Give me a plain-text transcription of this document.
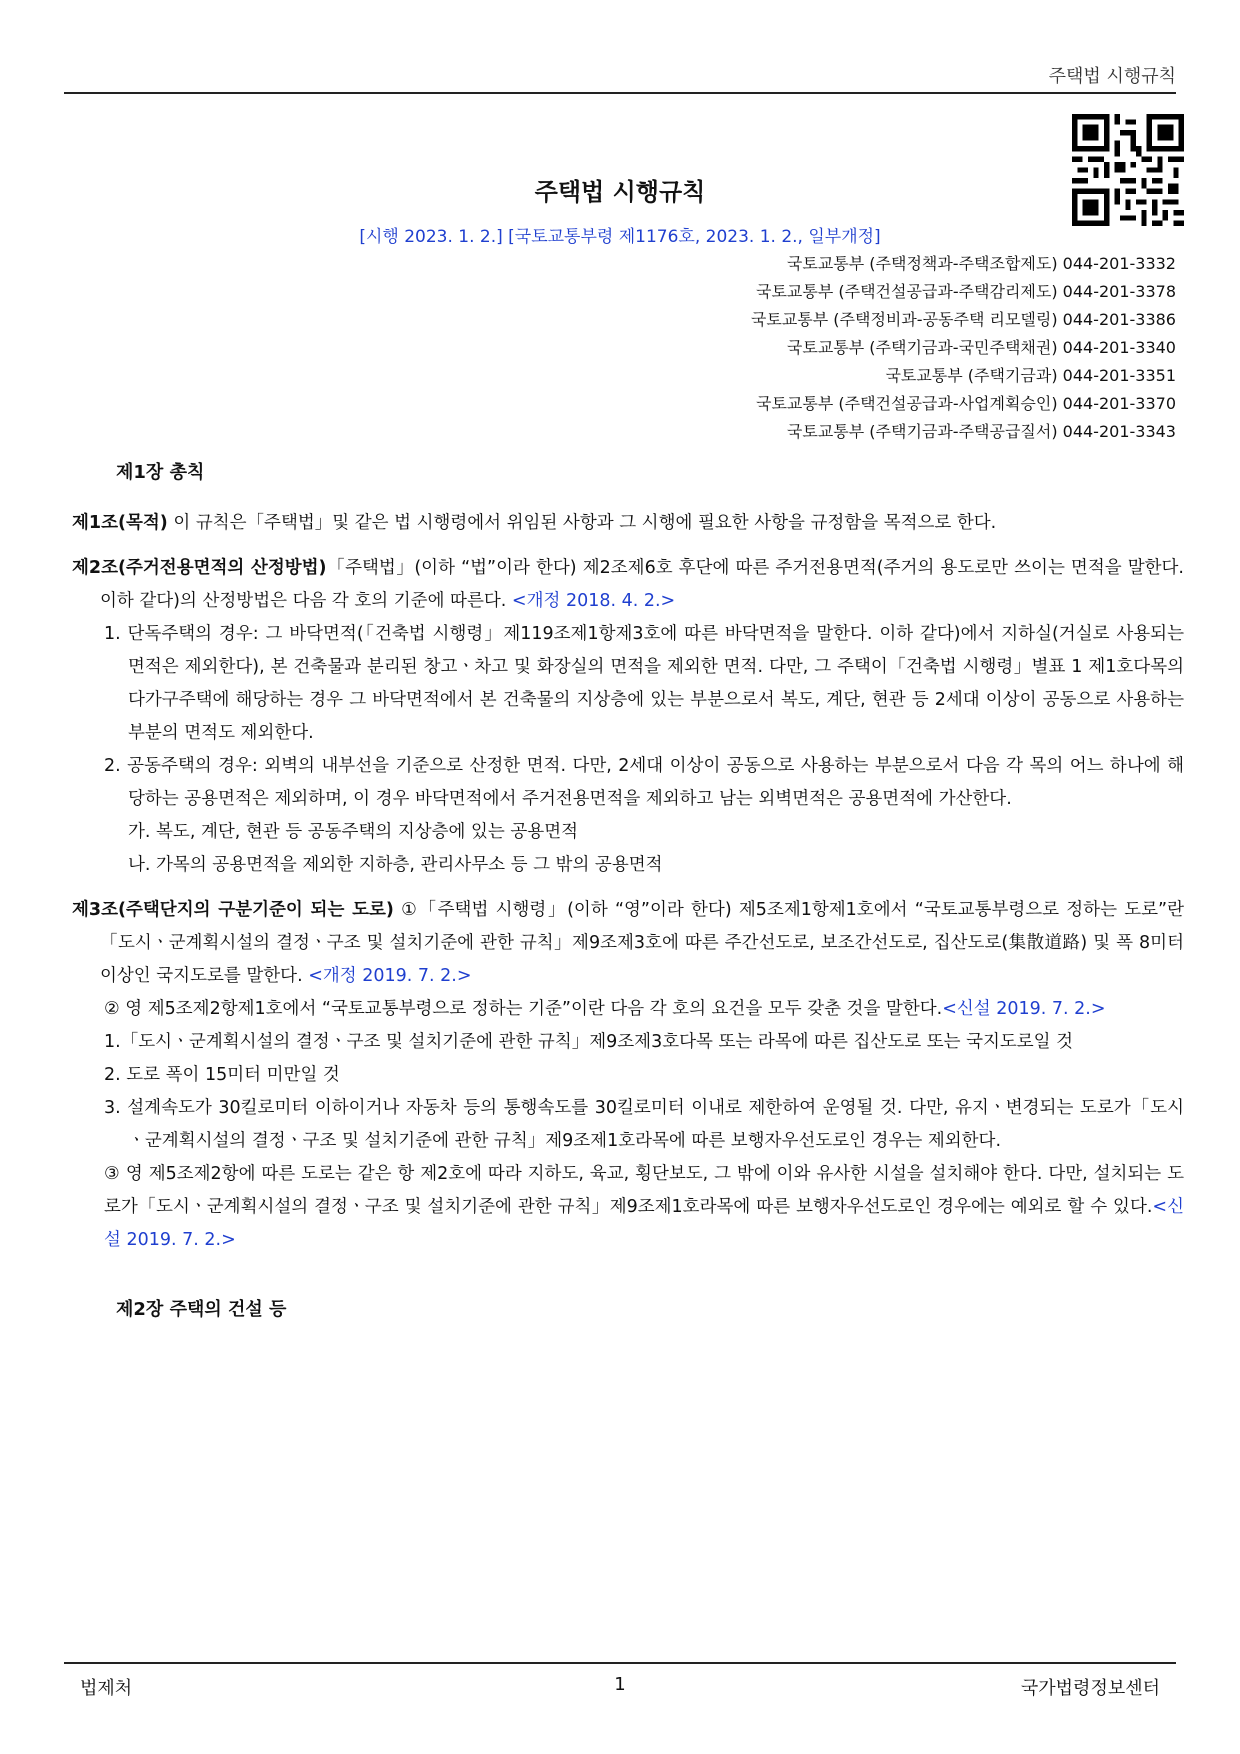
주택법 시행규칙
주택법 시행규칙
[시행 2023. 1. 2.] [국토교통부령 제1176호, 2023. 1. 2., 일부개정]
국토교통부 (주택정책과-주택조합제도) 044-201-3332
국토교통부 (주택건설공급과-주택감리제도) 044-201-3378
국토교통부 (주택정비과-공동주택 리모델링) 044-201-3386
국토교통부 (주택기금과-국민주택채권) 044-201-3340
국토교통부 (주택기금과) 044-201-3351
국토교통부 (주택건설공급과-사업계획승인) 044-201-3370
국토교통부 (주택기금과-주택공급질서) 044-201-3343
제1장 총칙
제1조(목적) 이 규칙은「주택법」및 같은 법 시행령에서 위임된 사항과 그 시행에 필요한 사항을 규정함을 목적으로 한다.
제2조(주거전용면적의 산정방법)「주택법」(이하 “법”이라 한다) 제2조제6호 후단에 따른 주거전용면적(주거의 용도로만 쓰이는 면적을 말한다. 이하 같다)의 산정방법은 다음 각 호의 기준에 따른다. <개정 2018. 4. 2.>
1. 단독주택의 경우: 그 바닥면적(「건축법 시행령」제119조제1항제3호에 따른 바닥면적을 말한다. 이하 같다)에서 지하실(거실로 사용되는 면적은 제외한다), 본 건축물과 분리된 창고ㆍ차고 및 화장실의 면적을 제외한 면적. 다만, 그 주택이「건축법 시행령」별표 1 제1호다목의 다가구주택에 해당하는 경우 그 바닥면적에서 본 건축물의 지상층에 있는 부분으로서 복도, 계단, 현관 등 2세대 이상이 공동으로 사용하는 부분의 면적도 제외한다.
2. 공동주택의 경우: 외벽의 내부선을 기준으로 산정한 면적. 다만, 2세대 이상이 공동으로 사용하는 부분으로서 다음 각 목의 어느 하나에 해당하는 공용면적은 제외하며, 이 경우 바닥면적에서 주거전용면적을 제외하고 남는 외벽면적은 공용면적에 가산한다.
가. 복도, 계단, 현관 등 공동주택의 지상층에 있는 공용면적
나. 가목의 공용면적을 제외한 지하층, 관리사무소 등 그 밖의 공용면적
제3조(주택단지의 구분기준이 되는 도로) ①「주택법 시행령」(이하 “영”이라 한다) 제5조제1항제1호에서 “국토교통부령으로 정하는 도로”란「도시ㆍ군계획시설의 결정ㆍ구조 및 설치기준에 관한 규칙」제9조제3호에 따른 주간선도로, 보조간선도로, 집산도로(集散道路) 및 폭 8미터 이상인 국지도로를 말한다. <개정 2019. 7. 2.>
② 영 제5조제2항제1호에서 “국토교통부령으로 정하는 기준”이란 다음 각 호의 요건을 모두 갖춘 것을 말한다.<신설 2019. 7. 2.>
1.「도시ㆍ군계획시설의 결정ㆍ구조 및 설치기준에 관한 규칙」제9조제3호다목 또는 라목에 따른 집산도로 또는 국지도로일 것
2. 도로 폭이 15미터 미만일 것
3. 설계속도가 30킬로미터 이하이거나 자동차 등의 통행속도를 30킬로미터 이내로 제한하여 운영될 것. 다만, 유지ㆍ변경되는 도로가「도시ㆍ군계획시설의 결정ㆍ구조 및 설치기준에 관한 규칙」제9조제1호라목에 따른 보행자우선도로인 경우는 제외한다.
③ 영 제5조제2항에 따른 도로는 같은 항 제2호에 따라 지하도, 육교, 횡단보도, 그 밖에 이와 유사한 시설을 설치해야 한다. 다만, 설치되는 도로가「도시ㆍ군계획시설의 결정ㆍ구조 및 설치기준에 관한 규칙」제9조제1호라목에 따른 보행자우선도로인 경우에는 예외로 할 수 있다.<신설 2019. 7. 2.>
제2장 주택의 건설 등
법제처	1	국가법령정보센터
